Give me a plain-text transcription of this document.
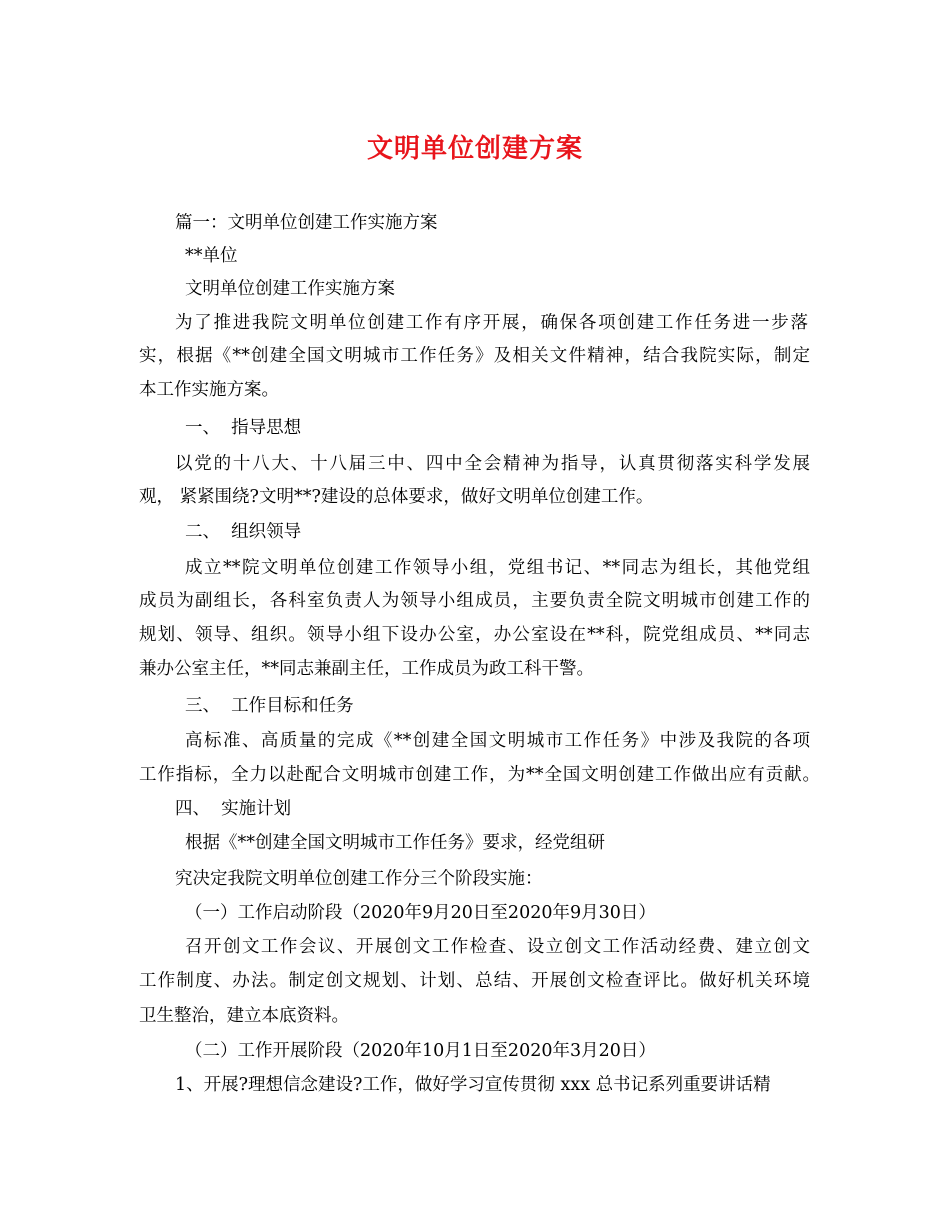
文明单位创建方案
篇一：文明单位创建工作实施方案
**单位
文明单位创建工作实施方案
为了推进我院文明单位创建工作有序开展，确保各项创建工作任务进一步落
实，根据《**创建全国文明城市工作任务》及相关文件精神，结合我院实际，制定
本工作实施方案。
一、  指导思想
以党的十八大、十八届三中、四中全会精神为指导，认真贯彻落实科学发展
观， 紧紧围绕?文明**?建设的总体要求，做好文明单位创建工作。
二、  组织领导
成立**院文明单位创建工作领导小组，党组书记、**同志为组长，其他党组
成员为副组长，各科室负责人为领导小组成员，主要负责全院文明城市创建工作的
规划、领导、组织。领导小组下设办公室，办公室设在**科，院党组成员、**同志
兼办公室主任，**同志兼副主任，工作成员为政工科干警。
三、  工作目标和任务
高标准、高质量的完成《**创建全国文明城市工作任务》中涉及我院的各项
工作指标，全力以赴配合文明城市创建工作，为**全国文明创建工作做出应有贡献。
四、  实施计划
根据《**创建全国文明城市工作任务》要求，经党组研
究决定我院文明单位创建工作分三个阶段实施：
（一）工作启动阶段（2020年9月20日至2020年9月30日）
召开创文工作会议、开展创文工作检查、设立创文工作活动经费、建立创文
工作制度、办法。制定创文规划、计划、总结、开展创文检查评比。做好机关环境
卫生整治，建立本底资料。
（二）工作开展阶段（2020年10月1日至2020年3月20日）
1、开展?理想信念建设?工作，做好学习宣传贯彻 xxx 总书记系列重要讲话精
